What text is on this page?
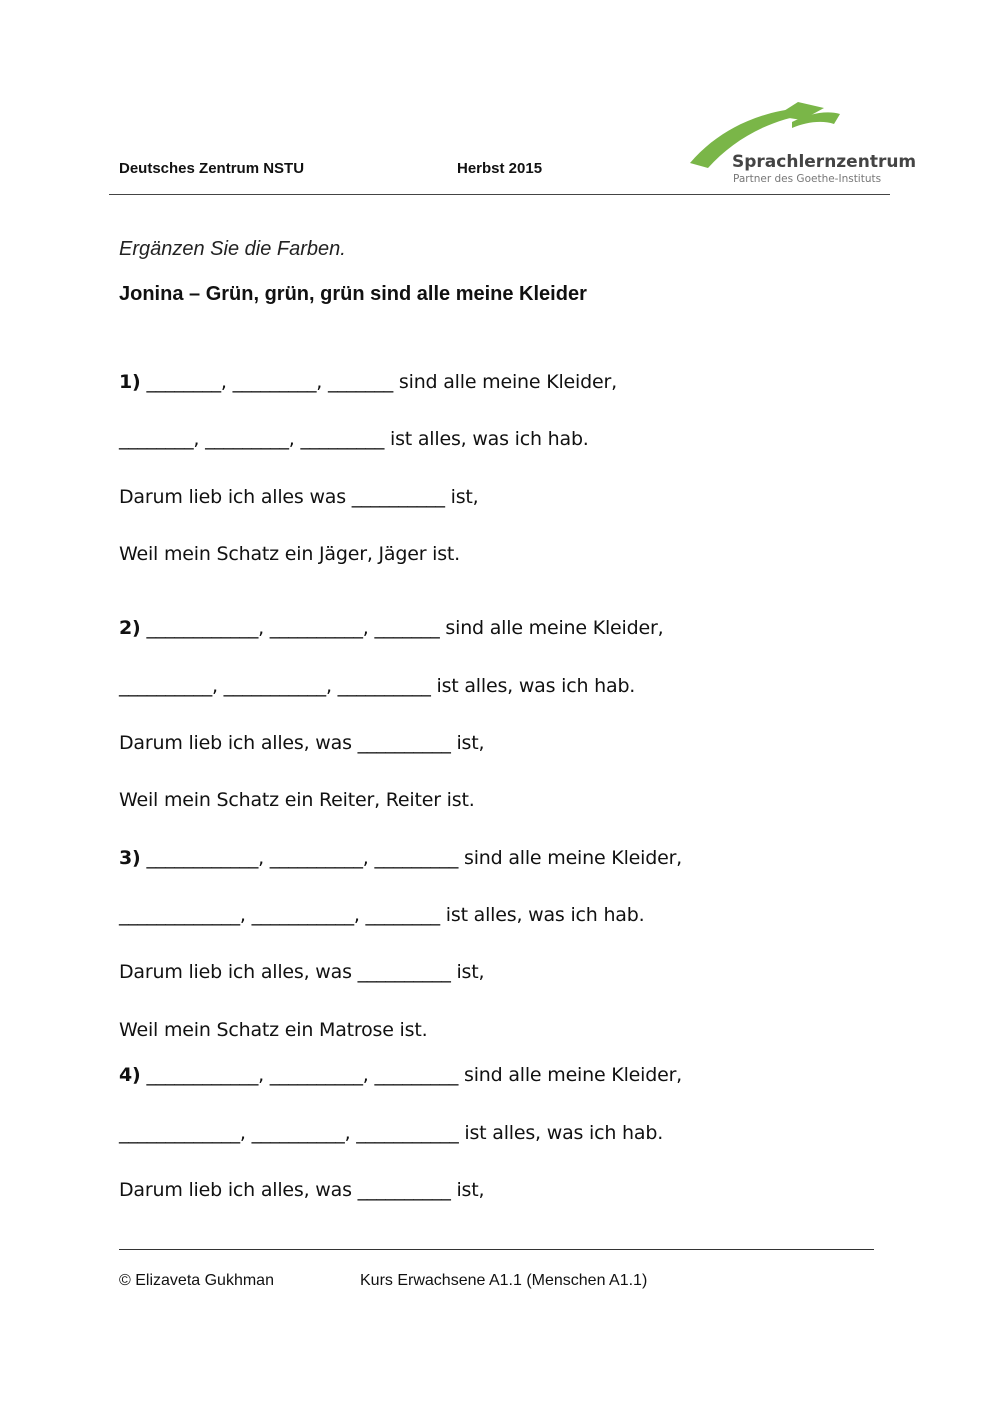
Deutsches Zentrum NSTU	Herbst 2015	Sprachlernzentrum
Partner des Goethe-Instituts
Ergänzen Sie die Farben.
Jonina – Grün, grün, grün sind alle meine Kleider
1) ________, _________, _______ sind alle meine Kleider,
________, _________, _________ ist alles, was ich hab.
Darum lieb ich alles was __________ ist,
Weil mein Schatz ein Jäger, Jäger ist.
2) ____________, __________, _______ sind alle meine Kleider,
__________, ___________, __________ ist alles, was ich hab.
Darum lieb ich alles, was __________ ist,
Weil mein Schatz ein Reiter, Reiter ist.
3) ____________, __________, _________ sind alle meine Kleider,
_____________, ___________, ________ ist alles, was ich hab.
Darum lieb ich alles, was __________ ist,
Weil mein Schatz ein Matrose ist.
4) ____________, __________, _________ sind alle meine Kleider,
_____________, __________, ___________ ist alles, was ich hab.
Darum lieb ich alles, was __________ ist,
© Elizaveta Gukhman	Kurs Erwachsene A1.1 (Menschen A1.1)
